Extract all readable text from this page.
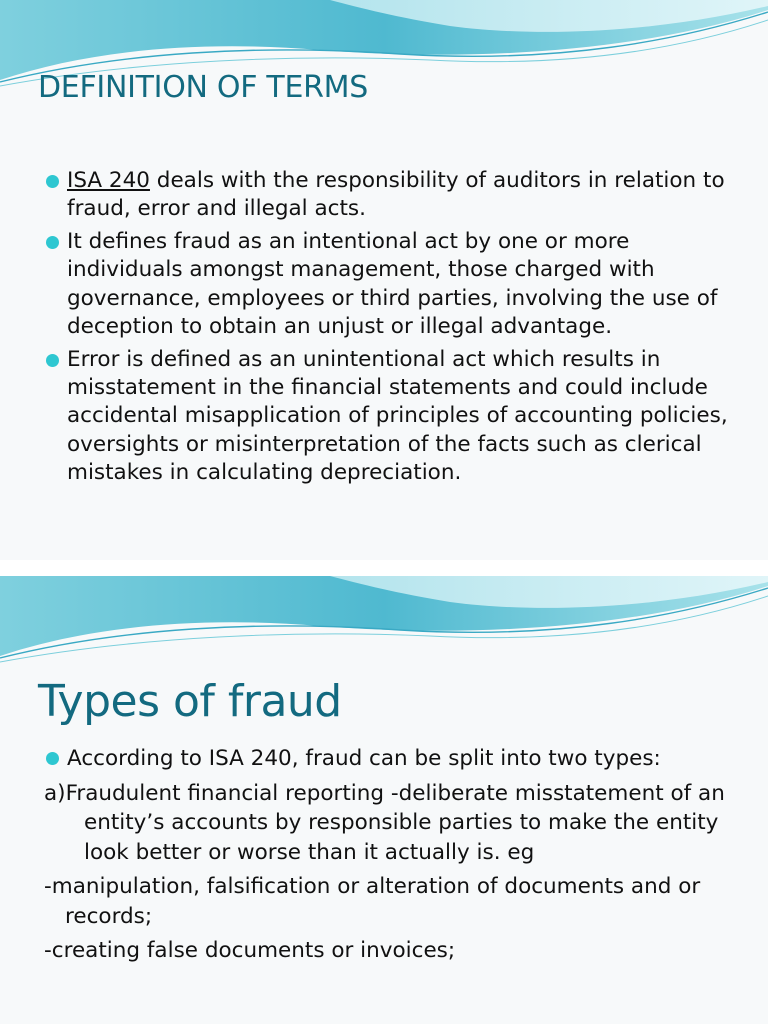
DEFINITION OF TERMS
ISA 240 deals with the responsibility of auditors in relation to fraud, error and illegal acts.
It defines fraud as an intentional act by one or more individuals amongst management, those charged with governance, employees or third parties, involving the use of deception to obtain an unjust or illegal advantage.
Error is defined as an unintentional act which results in misstatement in the financial statements and could include accidental misapplication of principles of accounting policies, oversights or misinterpretation of the facts such as clerical mistakes in calculating depreciation.
Types of fraud
According to ISA 240, fraud can be split into two types:
a)Fraudulent financial reporting -deliberate misstatement of an entity’s accounts by responsible parties to make the entity look better or worse than it actually is. eg
-manipulation, falsification or alteration of documents and or records;
-creating false documents or invoices;
